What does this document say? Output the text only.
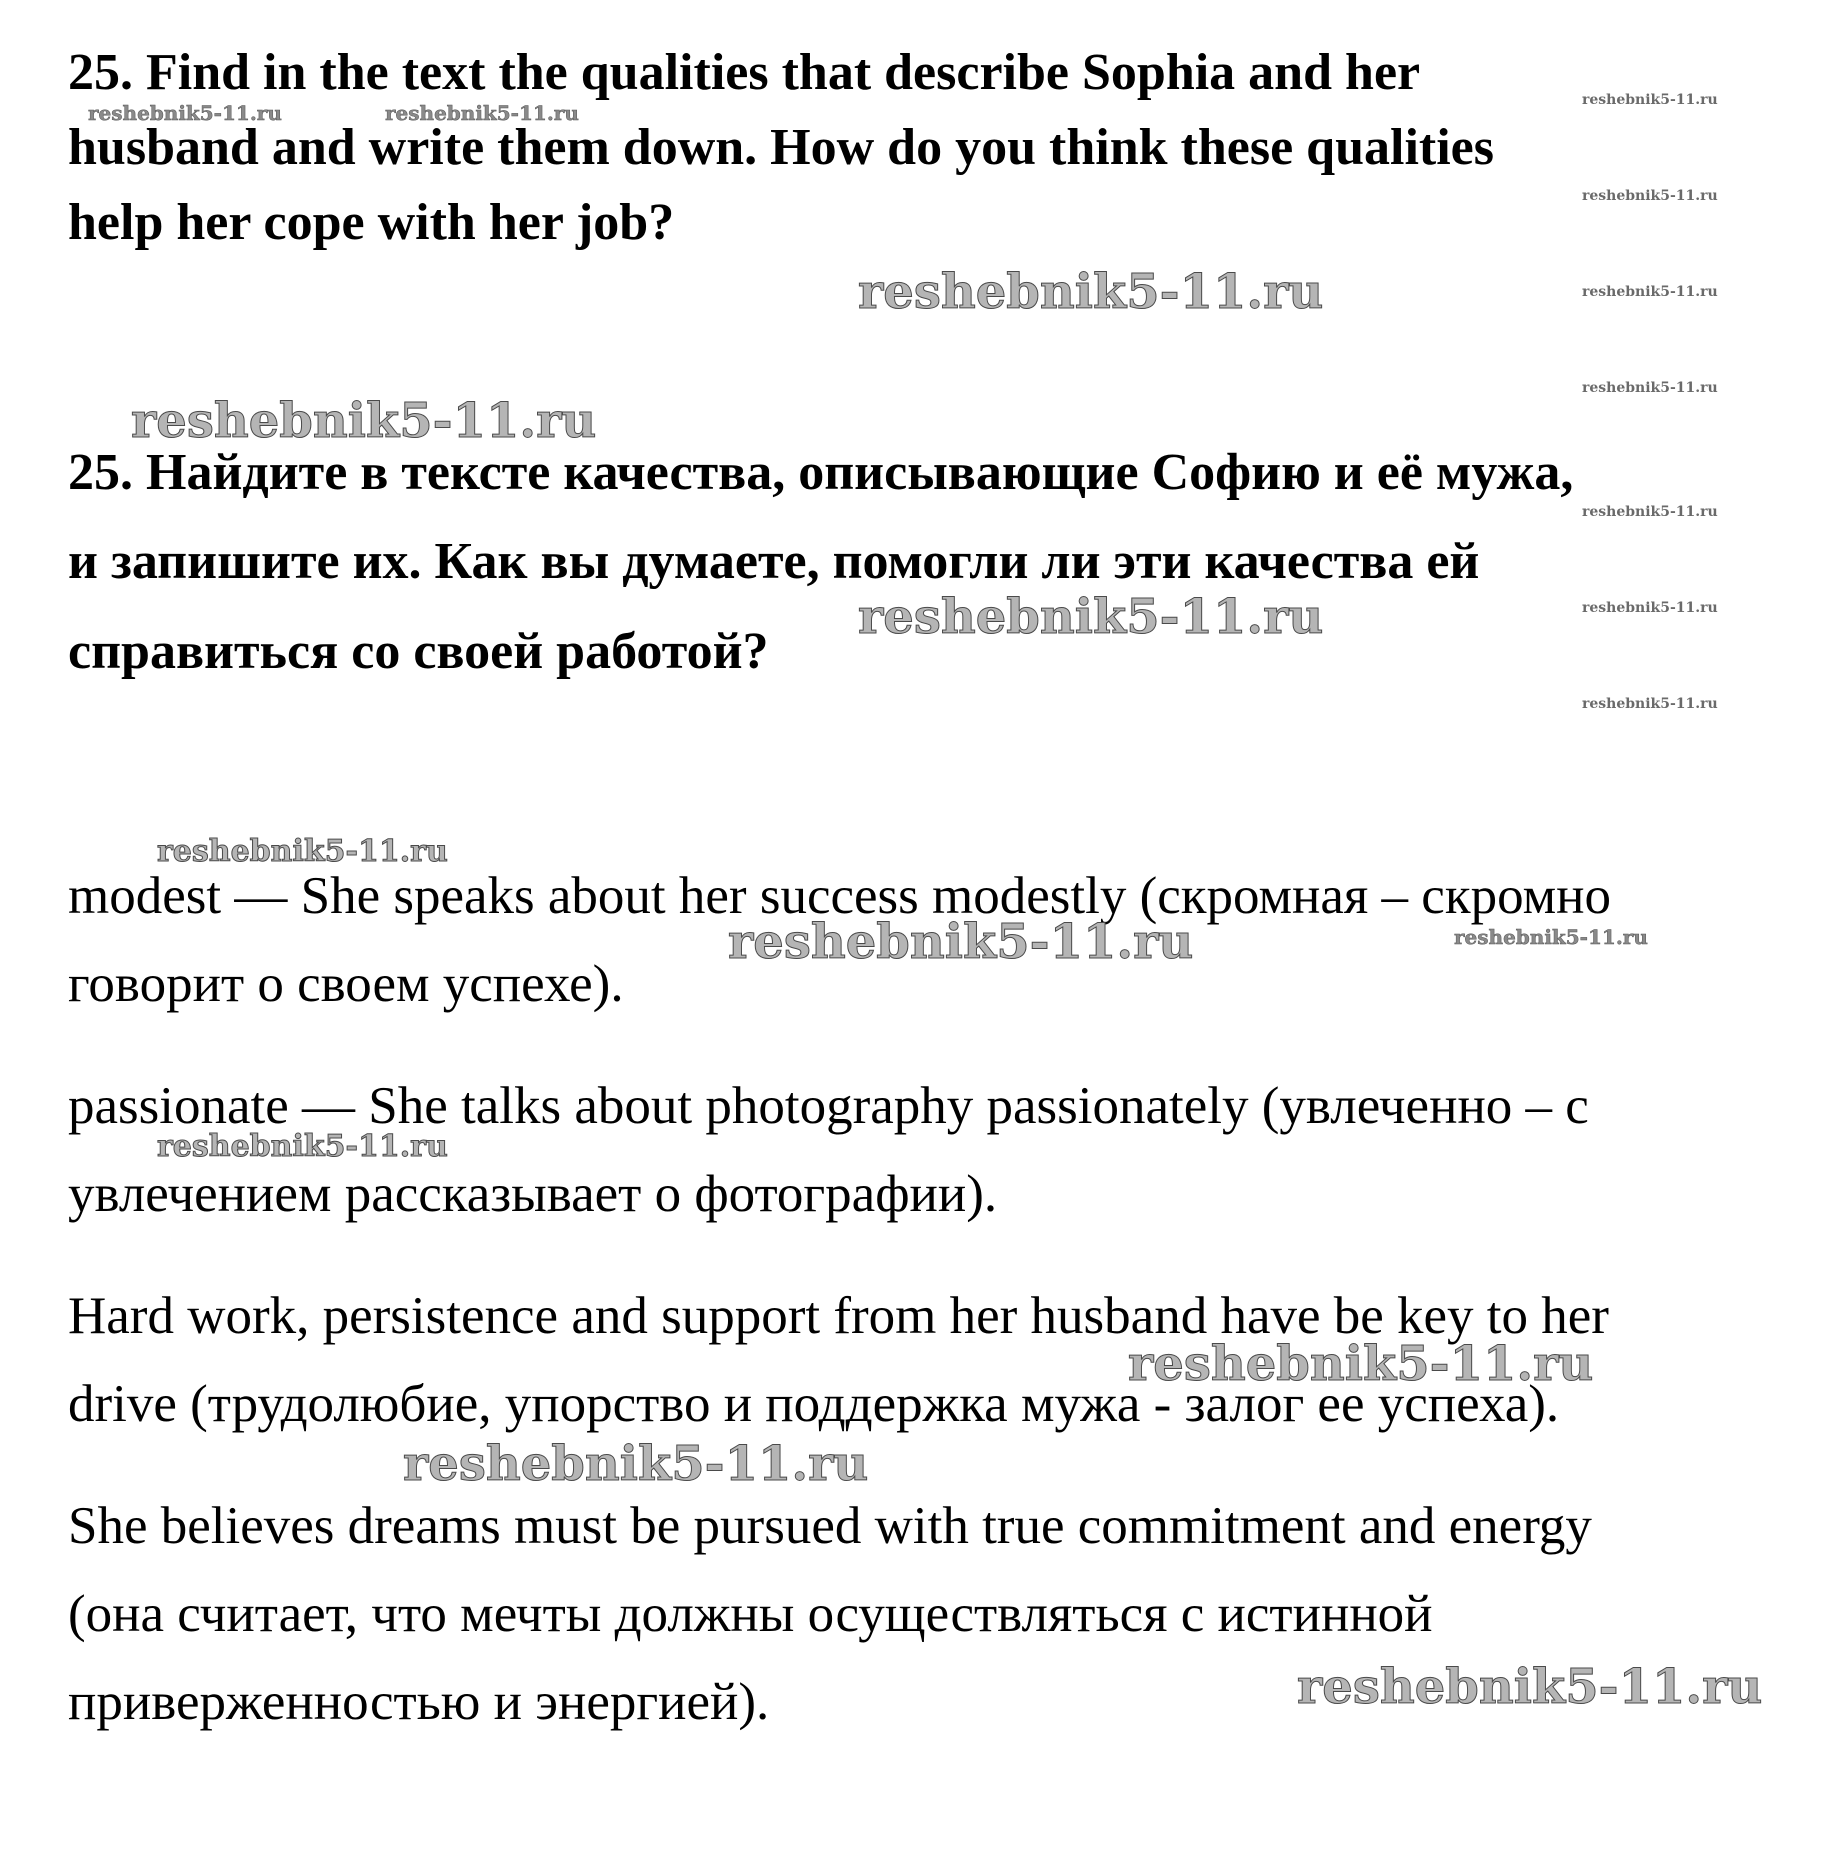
25. Find in the text the qualities that describe Sophia and her
husband and write them down. How do you think these qualities
help her cope with her job?
25. Найдите в тексте качества, описывающие Софию и её мужа,
и запишите их. Как вы думаете, помогли ли эти качества ей
справиться со своей работой?
modest — She speaks about her success modestly (скромная – скромно
говорит о своем успехе).
passionate — She talks about photography passionately (увлеченно – с
увлечением рассказывает о фотографии).
Hard work, persistence and support from her husband have be key to her
drive (трудолюбие, упорство и поддержка мужа - залог ее успеха).
She believes dreams must be pursued with true commitment and energy
(она считает, что мечты должны осуществляться с истинной
приверженностью и энергией).
reshebnik5-11.ru	reshebnik5-11.ru
reshebnik5-11.ru
reshebnik5-11.ru
reshebnik5-11.ru	reshebnik5-11.ru
reshebnik5-11.ru
reshebnik5-11.ru
reshebnik5-11.ru
reshebnik5-11.ru	reshebnik5-11.ru
reshebnik5-11.ru
reshebnik5-11.ru
reshebnik5-11.ru	reshebnik5-11.ru
reshebnik5-11.ru
reshebnik5-11.ru
reshebnik5-11.ru
reshebnik5-11.ru
